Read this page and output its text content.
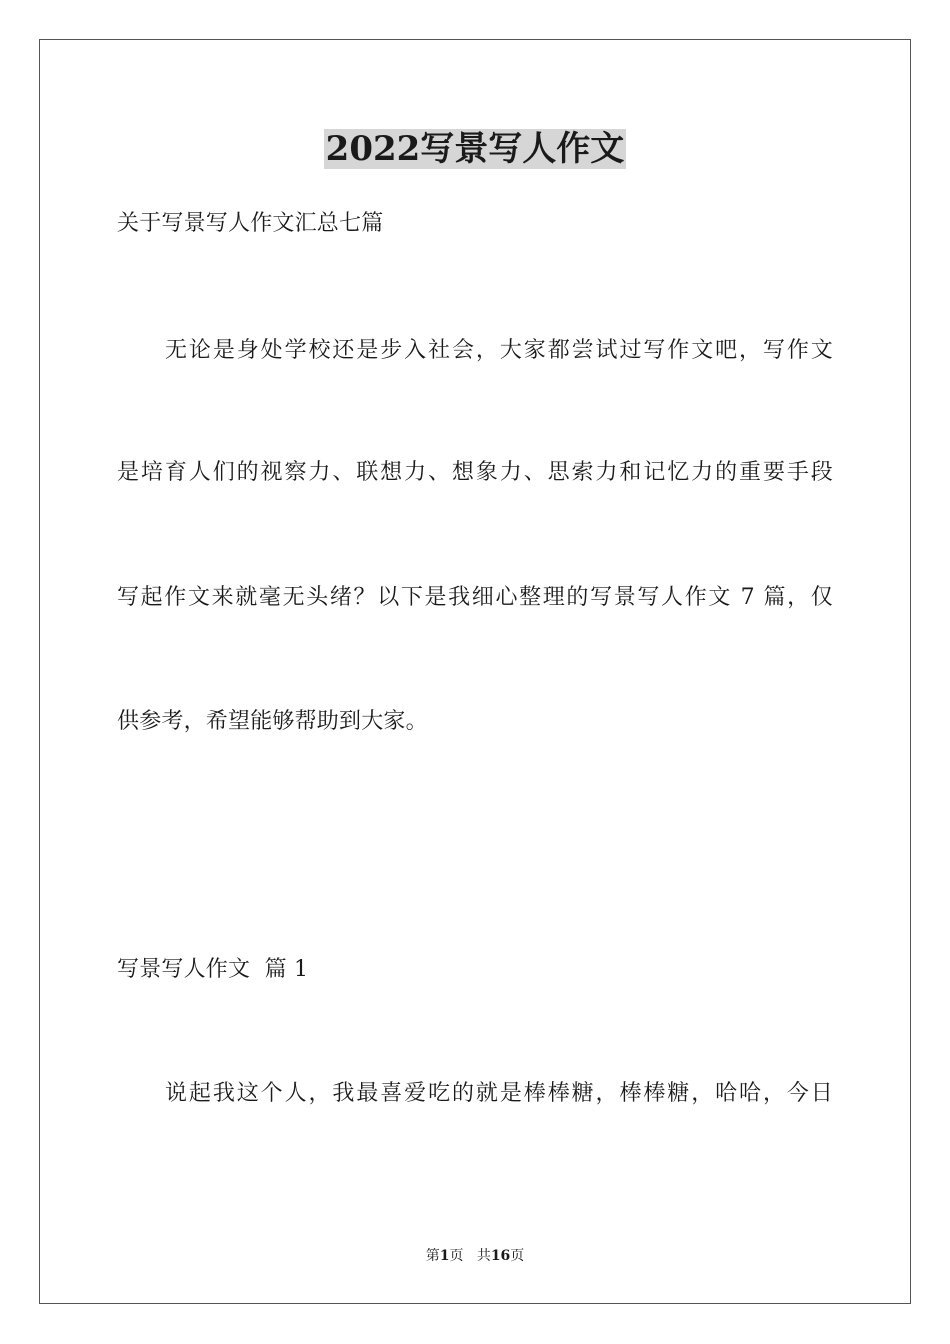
2022写景写人作文
关于写景写人作文汇总七篇
无论是身处学校还是步入社会，大家都尝试过写作文吧，写作文
是培育人们的视察力、联想力、想象力、思索力和记忆力的重要手段
写起作文来就毫无头绪？以下是我细心整理的写景写人作文 7 篇，仅
供参考，希望能够帮助到大家。
写景写人作文  篇 1
说起我这个人，我最喜爱吃的就是棒棒糖，棒棒糖，哈哈，今日
第1页 共16页
